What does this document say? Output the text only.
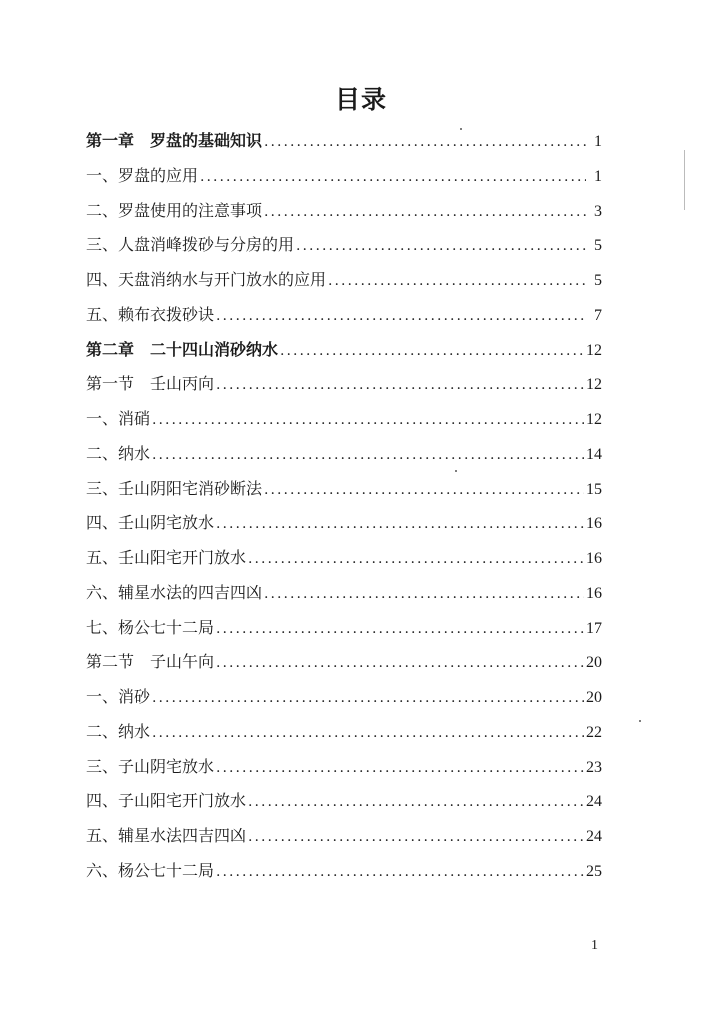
目录
第一章　罗盘的基础知识 . . .	1
一、罗盘的应用 . . .	1
二、罗盘使用的注意事项 . . .	3
三、人盘消峰拨砂与分房的用 . . .	5
四、天盘消纳水与开门放水的应用 . . .	5
五、赖布衣拨砂诀 . . .	7
第二章　二十四山消砂纳水 . . .	12
第一节　壬山丙向 . . .	12
一、消硝 . . .	12
二、纳水 . . .	14
三、壬山阴阳宅消砂断法 . . .	15
四、壬山阴宅放水 . . .	16
五、壬山阳宅开门放水 . . .	16
六、辅星水法的四吉四凶 . . .	16
七、杨公七十二局 . . .	17
第二节　子山午向 . . .	20
一、消砂 . . .	20
二、纳水 . . .	22
三、子山阴宅放水 . . .	23
四、子山阳宅开门放水 . . .	24
五、辅星水法四吉四凶 . . .	24
六、杨公七十二局 . . .	25
1
